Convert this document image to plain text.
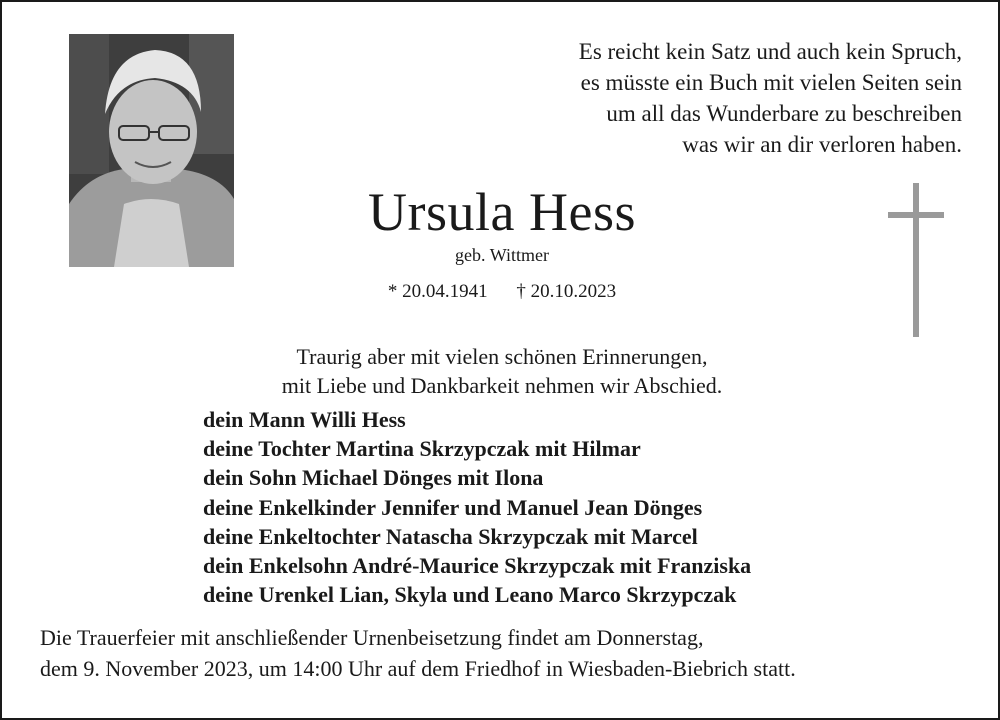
Es reicht kein Satz und auch kein Spruch,
es müsste ein Buch mit vielen Seiten sein
um all das Wunderbare zu beschreiben
was wir an dir verloren haben.
Ursula Hess
geb. Wittmer
* 20.04.1941 † 20.10.2023
Traurig aber mit vielen schönen Erinnerungen,
mit Liebe und Dankbarkeit nehmen wir Abschied.
dein Mann Willi Hess
deine Tochter Martina Skrzypczak mit Hilmar
dein Sohn Michael Dönges mit Ilona
deine Enkelkinder Jennifer und Manuel Jean Dönges
deine Enkeltochter Natascha Skrzypczak mit Marcel
dein Enkelsohn André-Maurice Skrzypczak mit Franziska
deine Urenkel Lian, Skyla und Leano Marco Skrzypczak
Die Trauerfeier mit anschließender Urnenbeisetzung findet am Donnerstag,
dem 9. November 2023, um 14:00 Uhr auf dem Friedhof in Wiesbaden-Biebrich statt.
